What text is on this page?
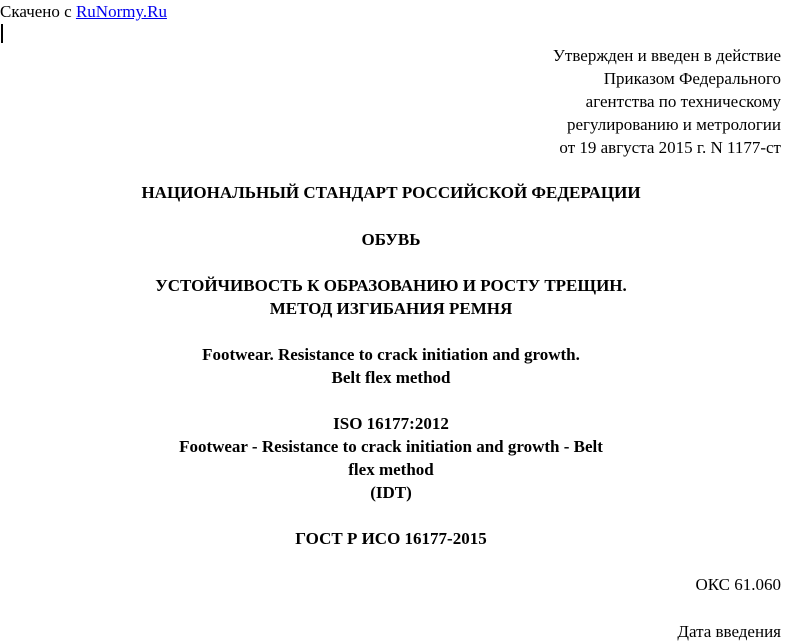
Скачено с RuNormy.Ru
Утвержден и введен в действие
Приказом Федерального
агентства по техническому
регулированию и метрологии
от 19 августа 2015 г. N 1177-ст
НАЦИОНАЛЬНЫЙ СТАНДАРТ РОССИЙСКОЙ ФЕДЕРАЦИИ
ОБУВЬ
УСТОЙЧИВОСТЬ К ОБРАЗОВАНИЮ И РОСТУ ТРЕЩИН.
МЕТОД ИЗГИБАНИЯ РЕМНЯ
Footwear. Resistance to crack initiation and growth.
Belt flex method
ISO 16177:2012
Footwear - Resistance to crack initiation and growth - Belt
flex method
(IDT)
ГОСТ Р ИСО 16177-2015
ОКС 61.060
Дата введения
